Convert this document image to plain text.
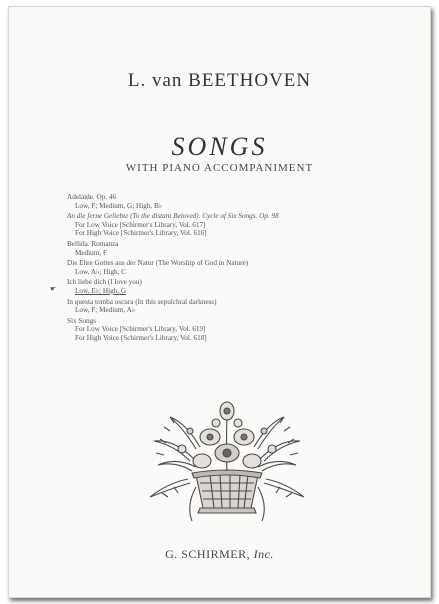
L. van BEETHOVEN
SONGS
WITH PIANO ACCOMPANIMENT
Adelaide. Op. 46
Low, F; Medium, G; High, B♭
An die ferne Geliebte (To the distant Beloved). Cycle of Six Songs. Op. 98
For Low Voice [Schirmer's Library, Vol. 617]
For High Voice [Schirmer's Library, Vol. 616]
Bellida. Romanza
Medium, F
Die Ehre Gottes aus der Natur (The Worship of God in Nature)
Low, A♭; High, C
Ich liebe dich (I love you)
Low, E♭; High, G
In questa tomba oscura (In this sepulchral darkness)
Low, F; Medium, A♭
Six Songs
For Low Voice [Schirmer's Library, Vol. 619]
For High Voice [Schirmer's Library, Vol. 618]
☛
G. SCHIRMER, Inc.
